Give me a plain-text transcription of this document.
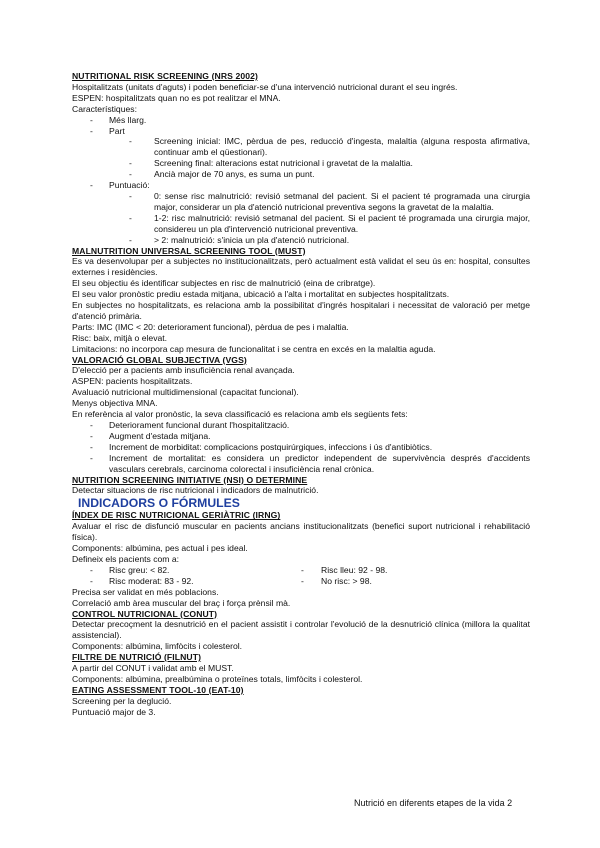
NUTRITIONAL RISK SCREENING (NRS 2002)

Hospitalitzats (unitats d'aguts) i poden beneficiar-se d'una intervenció nutricional durant el seu ingrés.

ESPEN: hospitalitzats quan no es pot realitzar el MNA.

Característiques:

- Més llarg.
- Part
- Screening inicial: IMC, pèrdua de pes, reducció d'ingesta, malaltia (alguna resposta afirmativa, continuar amb el qüestionari).
- Screening final: alteracions estat nutricional i gravetat de la malaltia.
- Ancià major de 70 anys, es suma un punt.
- Puntuació:
- 0: sense risc malnutrició: revisió setmanal del pacient. Si el pacient té programada una cirurgia major, considerar un pla d'atenció nutricional preventiva segons la gravetat de la malaltia.
- 1-2: risc malnutrició: revisió setmanal del pacient. Si el pacient té programada una cirurgia major, considereu un pla d'intervenció nutricional preventiva.
- > 2: malnutrició: s'inicia un pla d'atenció nutricional.

MALNUTRITION UNIVERSAL SCREENING TOOL (MUST)

Es va desenvolupar per a subjectes no institucionalitzats, però actualment està validat el seu ús en: hospital, consultes externes i residències.

El seu objectiu és identificar subjectes en risc de malnutrició (eina de cribratge).

El seu valor pronòstic prediu estada mitjana, ubicació a l'alta i mortalitat en subjectes hospitalitzats.

En subjectes no hospitalitzats, es relaciona amb la possibilitat d'ingrés hospitalari i necessitat de valoració per metge d'atenció primària.

Parts: IMC (IMC < 20: deteriorament funcional), pèrdua de pes i malaltia.

Risc: baix, mitjà o elevat.

Limitacions: no incorpora cap mesura de funcionalitat i se centra en excés en la malaltia aguda.

VALORACIÓ GLOBAL SUBJECTIVA (VGS)

D'elecció per a pacients amb insuficiència renal avançada.

ASPEN: pacients hospitalitzats.

Avaluació nutricional multidimensional (capacitat funcional).

Menys objectiva MNA.

En referència al valor pronòstic, la seva classificació es relaciona amb els següents fets:

- Deteriorament funcional durant l'hospitalització.
- Augment d'estada mitjana.
- Increment de morbiditat: complicacions postquirúrgiques, infeccions i ús d'antibiòtics.
- Increment de mortalitat: es considera un predictor independent de supervivència després d'accidents vasculars cerebrals, carcinoma colorectal i insuficiència renal crònica.

NUTRITION SCREENING INITIATIVE (NSI) O DETERMINE

Detectar situacions de risc nutricional i indicadors de malnutrició.

INDICADORS O FÓRMULES

ÍNDEX DE RISC NUTRICIONAL GERIÀTRIC (IRNG)

Avaluar el risc de disfunció muscular en pacients ancians institucionalitzats (benefici suport nutricional i rehabilitació física).

Components: albúmina, pes actual i pes ideal.

Defineix els pacients com a:

- Risc greu: < 82.	- Risc lleu: 92 - 98.
- Risc moderat: 83 - 92.	- No risc: > 98.

Precisa ser validat en més poblacions.

Correlació amb àrea muscular del braç i força prènsil mà.

CONTROL NUTRICIONAL (CONUT)

Detectar precoçment la desnutrició en el pacient assistit i controlar l'evolució de la desnutrició clínica (millora la qualitat assistencial).

Components: albúmina, limfòcits i colesterol.

FILTRE DE NUTRICIÓ (FILNUT)

A partir del CONUT i validat amb el MUST.

Components: albúmina, prealbúmina o proteïnes totals, limfòcits i colesterol.

EATING ASSESSMENT TOOL-10 (EAT-10)

Screening per la deglució.

Puntuació major de 3.

Nutrició en diferents etapes de la vida 2
